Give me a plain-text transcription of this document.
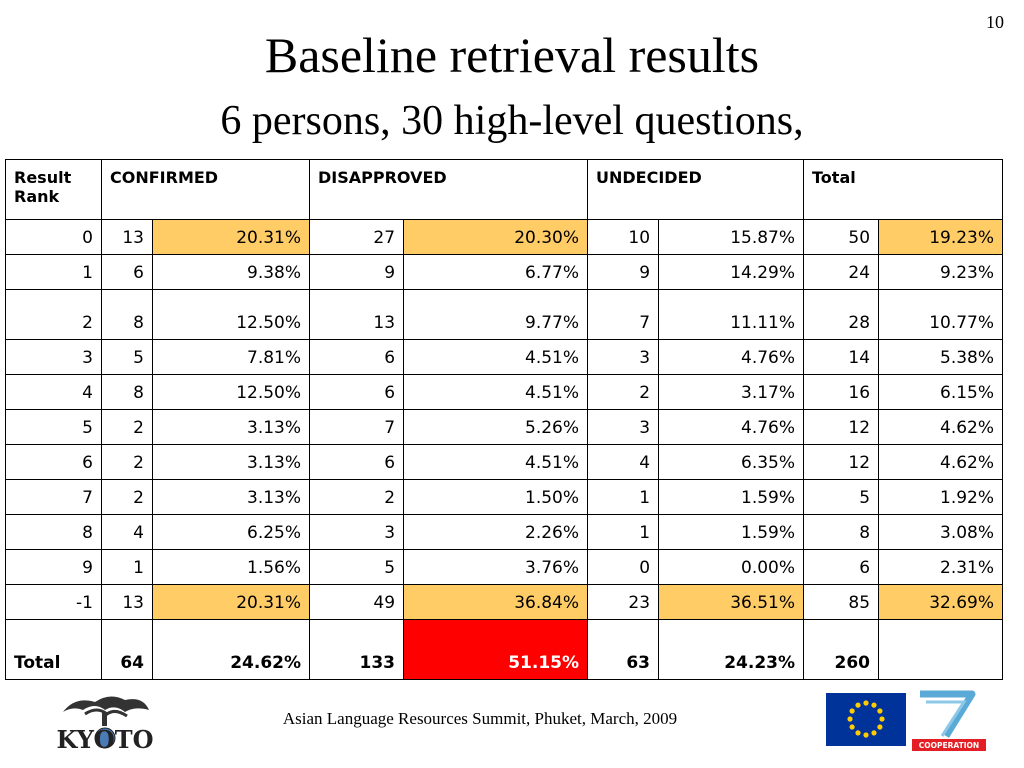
10
Baseline retrieval results
6 persons, 30 high-level questions,
Result Rank	CONFIRMED		DISAPPROVED		UNDECIDED		Total	
0	13	20.31%	27	20.30%	10	15.87%	50	19.23%
1	6	9.38%	9	6.77%	9	14.29%	24	9.23%
2	8	12.50%	13	9.77%	7	11.11%	28	10.77%
3	5	7.81%	6	4.51%	3	4.76%	14	5.38%
4	8	12.50%	6	4.51%	2	3.17%	16	6.15%
5	2	3.13%	7	5.26%	3	4.76%	12	4.62%
6	2	3.13%	6	4.51%	4	6.35%	12	4.62%
7	2	3.13%	2	1.50%	1	1.59%	5	1.92%
8	4	6.25%	3	2.26%	1	1.59%	8	3.08%
9	1	1.56%	5	3.76%	0	0.00%	6	2.31%
-1	13	20.31%	49	36.84%	23	36.51%	85	32.69%
Total	64	24.62%	133	51.15%	63	24.23%	260	
KYOTO
Asian Language Resources Summit, Phuket, March, 2009
COOPERATION
